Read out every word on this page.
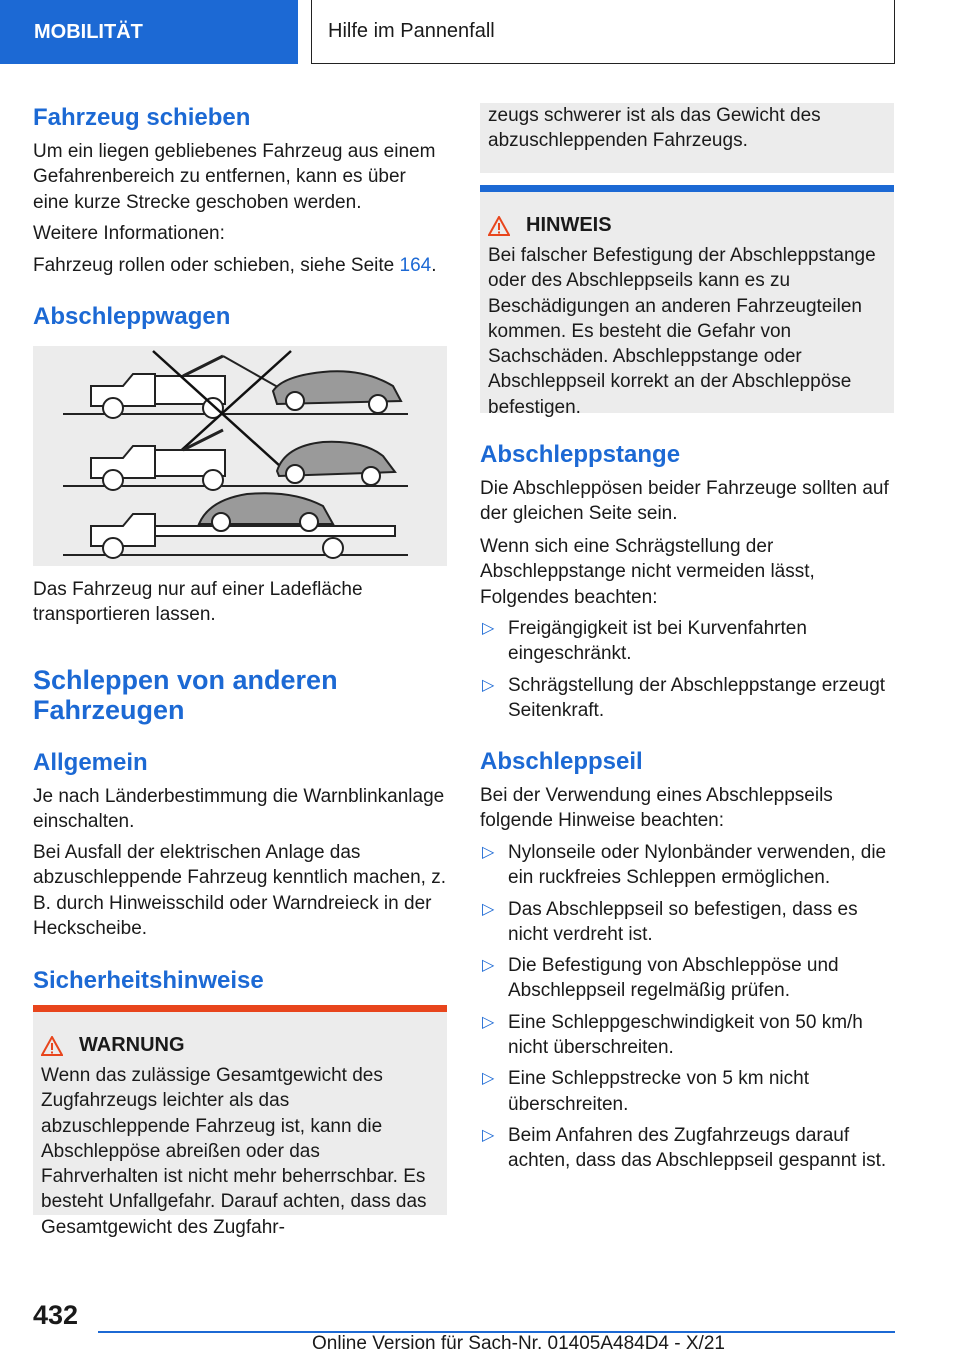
MOBILITÄT	Hilfe im Pannenfall
Fahrzeug schieben

Um ein liegen gebliebenes Fahrzeug aus einem Gefahrenbereich zu entfernen, kann es über eine kurze Strecke geschoben werden.

Weitere Informationen:

Fahrzeug rollen oder schieben, siehe Seite 164.

Abschleppwagen

Das Fahrzeug nur auf einer Ladefläche transportieren lassen.

Schleppen von anderen Fahrzeugen
Allgemein

Je nach Länderbestimmung die Warnblinkanlage einschalten.

Bei Ausfall der elektrischen Anlage das abzuschleppende Fahrzeug kenntlich machen, z. B. durch Hinweisschild oder Warndreieck in der Heckscheibe.

Sicherheitshinweise
WARNUNG

Wenn das zulässige Gesamtgewicht des Zugfahrzeugs leichter als das abzuschleppende Fahrzeug ist, kann die Abschleppöse abreißen oder das Fahrverhalten ist nicht mehr beherrschbar. Es besteht Unfallgefahr. Darauf achten, dass das Gesamtgewicht des Zugfahr-

zeugs schwerer ist als das Gewicht des abzuschleppenden Fahrzeugs.

HINWEIS

Bei falscher Befestigung der Abschleppstange oder des Abschleppseils kann es zu Beschädigungen an anderen Fahrzeugteilen kommen. Es besteht die Gefahr von Sachschäden. Abschleppstange oder Abschleppseil korrekt an der Abschleppöse befestigen.

Abschleppstange

Die Abschleppösen beider Fahrzeuge sollten auf der gleichen Seite sein.

Wenn sich eine Schrägstellung der Abschleppstange nicht vermeiden lässt, Folgendes beachten:

▷ Freigängigkeit ist bei Kurvenfahrten eingeschränkt.
▷ Schrägstellung der Abschleppstange erzeugt Seitenkraft.
Abschleppseil

Bei der Verwendung eines Abschleppseils folgende Hinweise beachten:

▷ Nylonseile oder Nylonbänder verwenden, die ein ruckfreies Schleppen ermöglichen.
▷ Das Abschleppseil so befestigen, dass es nicht verdreht ist.
▷ Die Befestigung von Abschleppöse und Abschleppseil regelmäßig prüfen.
▷ Eine Schleppgeschwindigkeit von 50 km/h nicht überschreiten.
▷ Eine Schleppstrecke von 5 km nicht überschreiten.
▷ Beim Anfahren des Zugfahrzeugs darauf achten, dass das Abschleppseil gespannt ist.
432
Online Version für Sach-Nr. 01405A484D4 - X/21
